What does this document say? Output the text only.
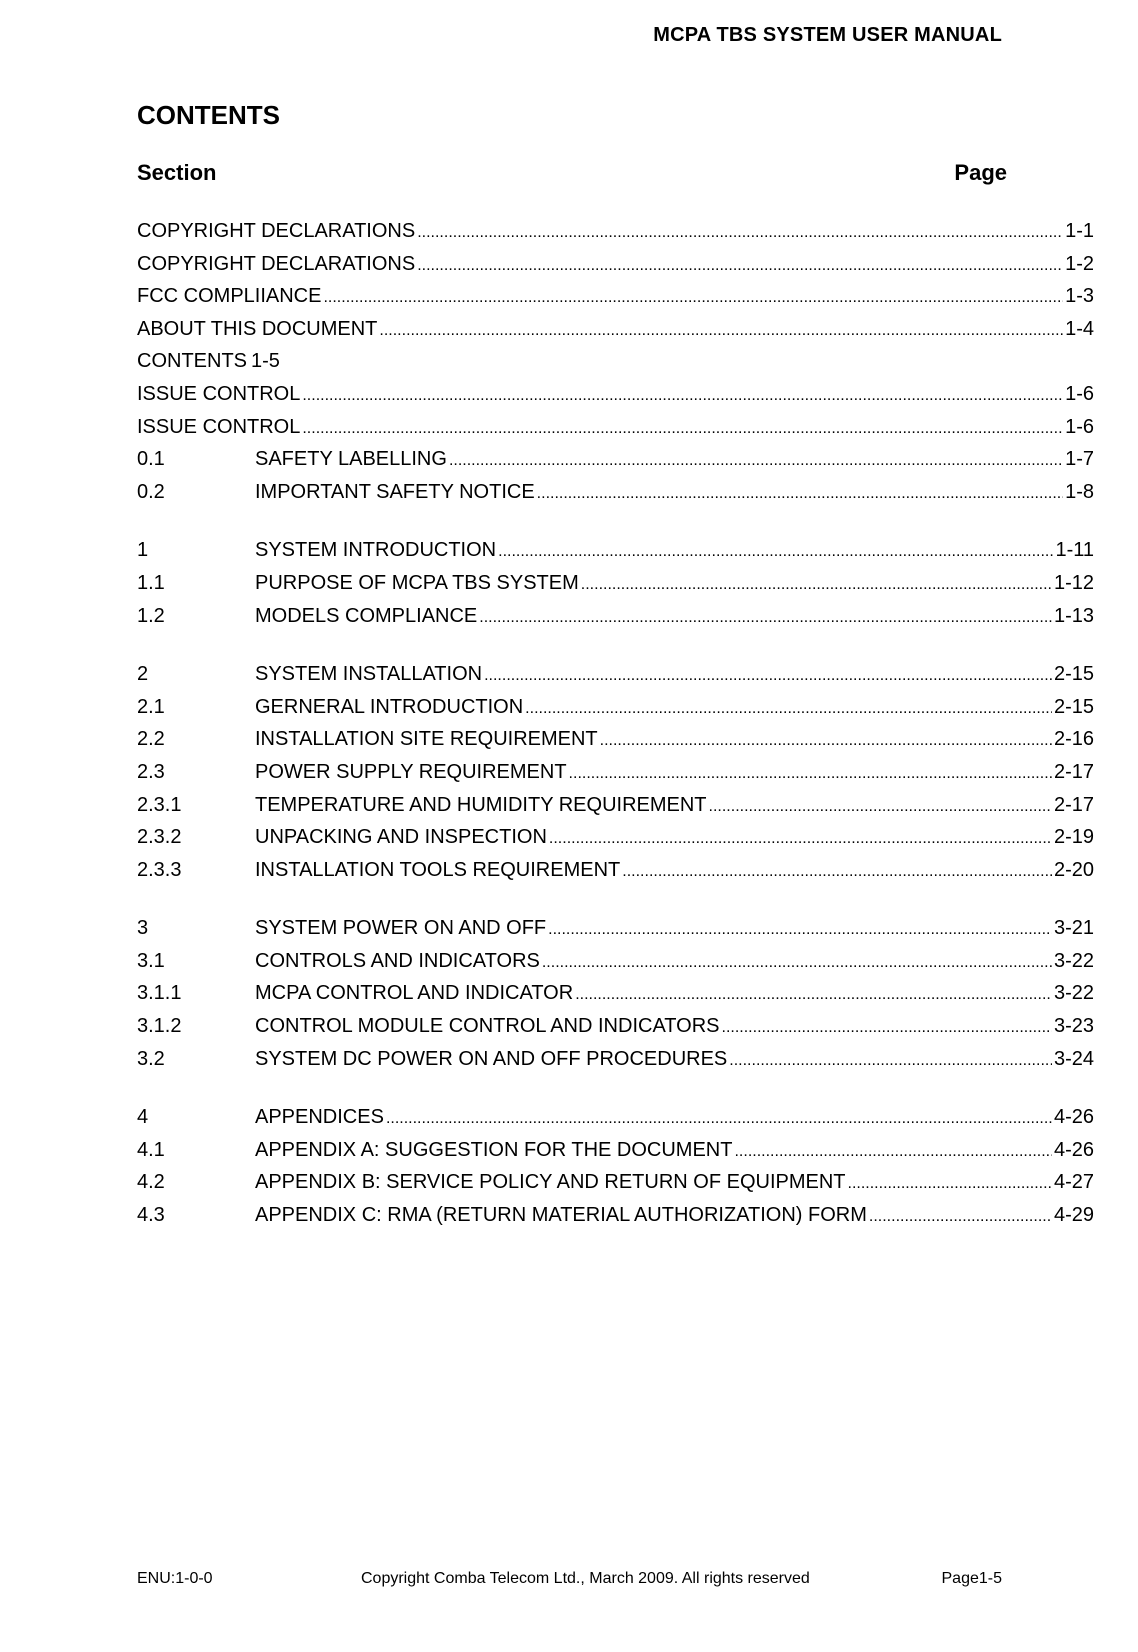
MCPA TBS SYSTEM USER MANUAL
CONTENTS
Section	Page
COPYRIGHT DECLARATIONS .....	1-1
COPYRIGHT DECLARATIONS .....	1-2
FCC COMPLIIANCE .....	1-3
ABOUT THIS DOCUMENT .....	1-4
CONTENTS 1-5
ISSUE CONTROL .....	1-6
ISSUE CONTROL .....	1-6
0.1	SAFETY LABELLING .....	1-7
0.2	IMPORTANT SAFETY NOTICE .....	1-8
1	SYSTEM INTRODUCTION .....	1-11
1.1	PURPOSE OF MCPA TBS SYSTEM .....	1-12
1.2	MODELS COMPLIANCE .....	1-13
2	SYSTEM INSTALLATION .....	2-15
2.1	GERNERAL INTRODUCTION .....	2-15
2.2	INSTALLATION SITE REQUIREMENT .....	2-16
2.3	POWER SUPPLY REQUIREMENT .....	2-17
2.3.1	TEMPERATURE AND HUMIDITY REQUIREMENT .....	2-17
2.3.2	UNPACKING AND INSPECTION .....	2-19
2.3.3	INSTALLATION TOOLS REQUIREMENT .....	2-20
3	SYSTEM POWER ON AND OFF .....	3-21
3.1	CONTROLS AND INDICATORS .....	3-22
3.1.1	MCPA CONTROL AND INDICATOR .....	3-22
3.1.2	CONTROL MODULE CONTROL AND INDICATORS .....	3-23
3.2	SYSTEM DC POWER ON AND OFF PROCEDURES .....	3-24
4	APPENDICES .....	4-26
4.1	APPENDIX A: SUGGESTION FOR THE DOCUMENT .....	4-26
4.2	APPENDIX B: SERVICE POLICY AND RETURN OF EQUIPMENT .....	4-27
4.3	APPENDIX C: RMA (RETURN MATERIAL AUTHORIZATION) FORM .....	4-29
ENU:1-0-0	Copyright Comba Telecom Ltd., March 2009. All rights reserved	Page1-5
